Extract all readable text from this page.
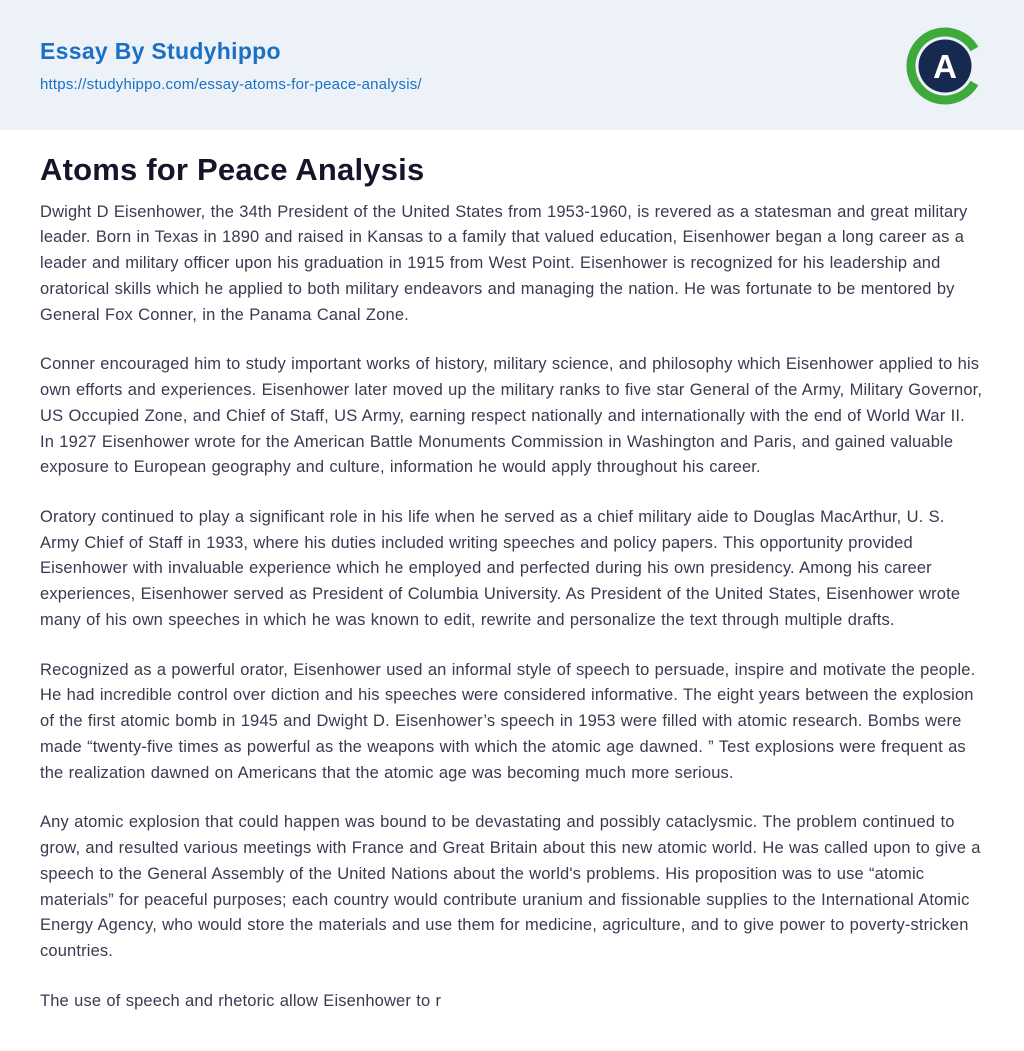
Essay By Studyhippo
https://studyhippo.com/essay-atoms-for-peace-analysis/	A
Atoms for Peace Analysis

Dwight D Eisenhower, the 34th President of the United States from 1953-1960, is revered as a statesman and great military leader. Born in Texas in 1890 and raised in Kansas to a family that valued education, Eisenhower began a long career as a leader and military officer upon his graduation in 1915 from West Point. Eisenhower is recognized for his leadership and oratorical skills which he applied to both military endeavors and managing the nation. He was fortunate to be mentored by General Fox Conner, in the Panama Canal Zone.

Conner encouraged him to study important works of history, military science, and philosophy which Eisenhower applied to his own efforts and experiences. Eisenhower later moved up the military ranks to five star General of the Army, Military Governor, US Occupied Zone, and Chief of Staff, US Army, earning respect nationally and internationally with the end of World War II. In 1927 Eisenhower wrote for the American Battle Monuments Commission in Washington and Paris, and gained valuable exposure to European geography and culture, information he would apply throughout his career.

Oratory continued to play a significant role in his life when he served as a chief military aide to Douglas MacArthur, U. S. Army Chief of Staff in 1933, where his duties included writing speeches and policy papers. This opportunity provided Eisenhower with invaluable experience which he employed and perfected during his own presidency. Among his career experiences, Eisenhower served as President of Columbia University. As President of the United States, Eisenhower wrote many of his own speeches in which he was known to edit, rewrite and personalize the text through multiple drafts.

Recognized as a powerful orator, Eisenhower used an informal style of speech to persuade, inspire and motivate the people. He had incredible control over diction and his speeches were considered informative. The eight years between the explosion of the first atomic bomb in 1945 and Dwight D. Eisenhower’s speech in 1953 were filled with atomic research. Bombs were made “twenty-five times as powerful as the weapons with which the atomic age dawned. ” Test explosions were frequent as the realization dawned on Americans that the atomic age was becoming much more serious.

Any atomic explosion that could happen was bound to be devastating and possibly cataclysmic. The problem continued to grow, and resulted various meetings with France and Great Britain about this new atomic world. He was called upon to give a speech to the General Assembly of the United Nations about the world's problems. His proposition was to use “atomic materials” for peaceful purposes; each country would contribute uranium and fissionable supplies to the International Atomic Energy Agency, who would store the materials and use them for medicine, agriculture, and to give power to poverty-stricken countries.

The use of speech and rhetoric allow Eisenhower to r
